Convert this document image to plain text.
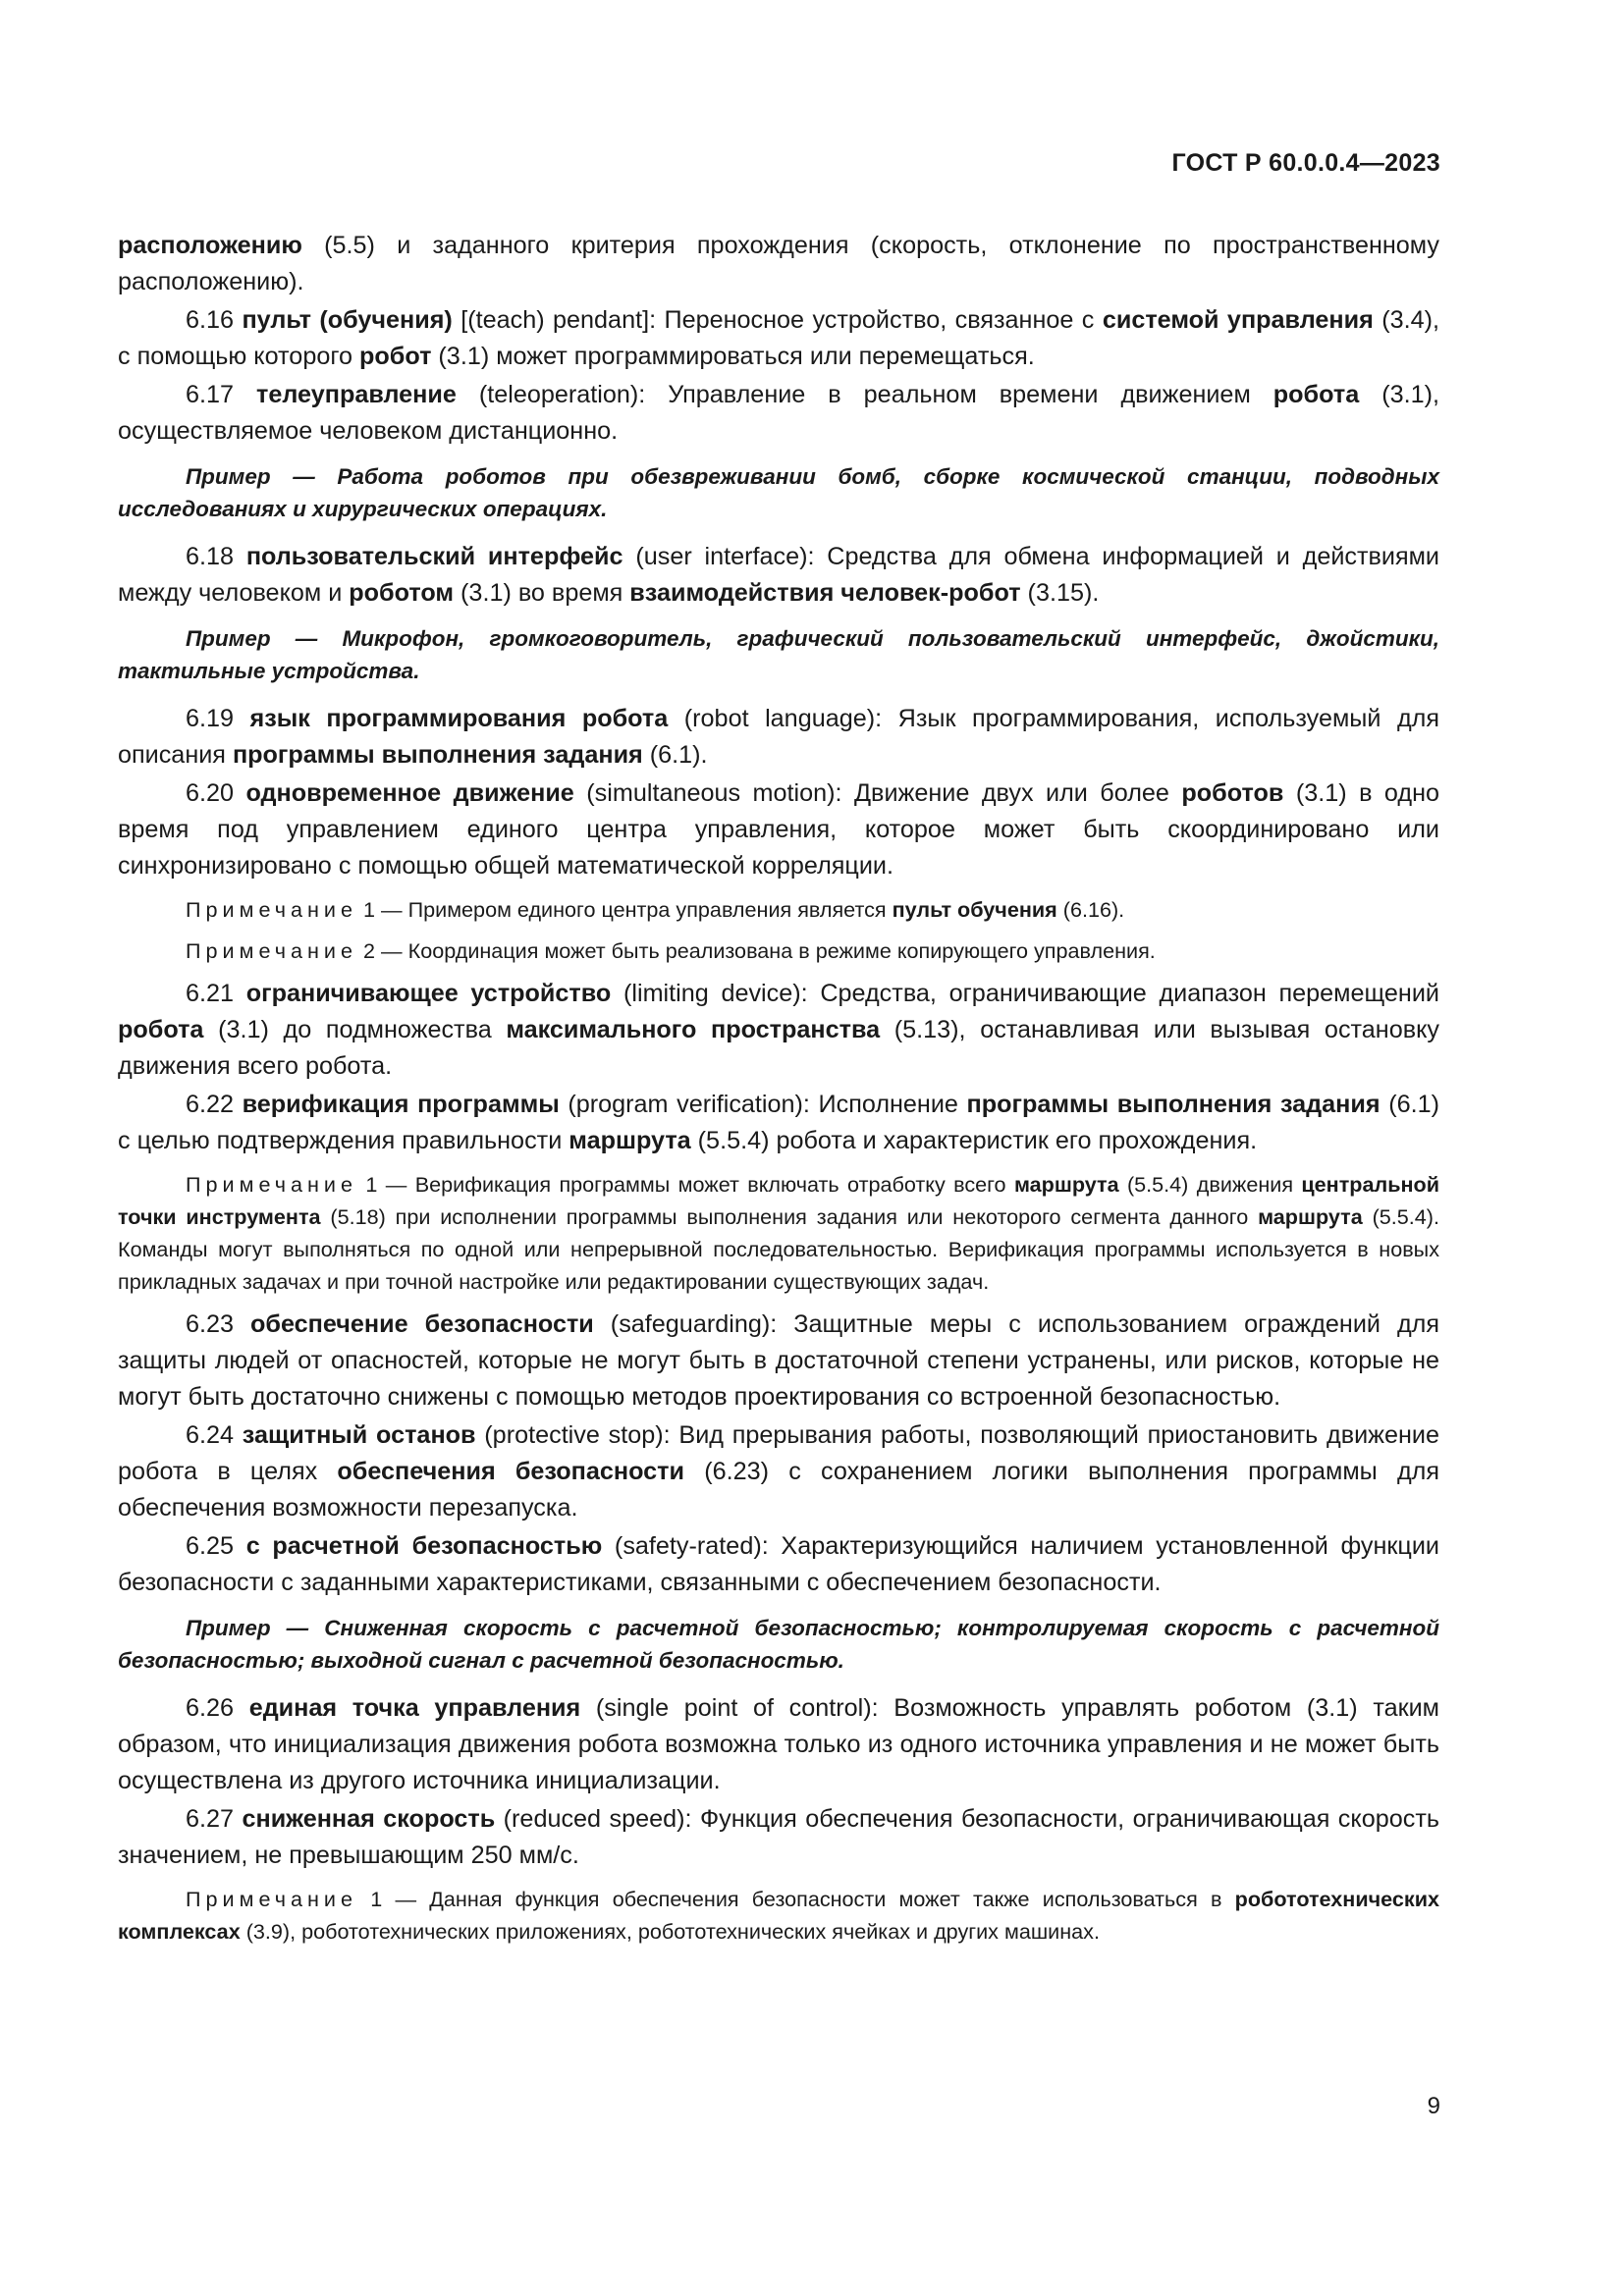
ГОСТ Р 60.0.0.4—2023

расположению (5.5) и заданного критерия прохождения (скорость, отклонение по пространственному расположению).

6.16 пульт (обучения) [(teach) pendant]: Переносное устройство, связанное с системой управления (3.4), с помощью которого робот (3.1) может программироваться или перемещаться.

6.17 телеуправление (teleoperation): Управление в реальном времени движением робота (3.1), осуществляемое человеком дистанционно.

Пример — Работа роботов при обезвреживании бомб, сборке космической станции, подводных исследованиях и хирургических операциях.

6.18 пользовательский интерфейс (user interface): Средства для обмена информацией и действиями между человеком и роботом (3.1) во время взаимодействия человек-робот (3.15).

Пример — Микрофон, громкоговоритель, графический пользовательский интерфейс, джойстики, тактильные устройства.

6.19 язык программирования робота (robot language): Язык программирования, используемый для описания программы выполнения задания (6.1).

6.20 одновременное движение (simultaneous motion): Движение двух или более роботов (3.1) в одно время под управлением единого центра управления, которое может быть скоординировано или синхронизировано с помощью общей математической корреляции.

Примечание 1 — Примером единого центра управления является пульт обучения (6.16).

Примечание 2 — Координация может быть реализована в режиме копирующего управления.

6.21 ограничивающее устройство (limiting device): Средства, ограничивающие диапазон перемещений робота (3.1) до подмножества максимального пространства (5.13), останавливая или вызывая остановку движения всего робота.

6.22 верификация программы (program verification): Исполнение программы выполнения задания (6.1) с целью подтверждения правильности маршрута (5.5.4) робота и характеристик его прохождения.

Примечание 1 — Верификация программы может включать отработку всего маршрута (5.5.4) движения центральной точки инструмента (5.18) при исполнении программы выполнения задания или некоторого сегмента данного маршрута (5.5.4). Команды могут выполняться по одной или непрерывной последовательностью. Верификация программы используется в новых прикладных задачах и при точной настройке или редактировании существующих задач.

6.23 обеспечение безопасности (safeguarding): Защитные меры с использованием ограждений для защиты людей от опасностей, которые не могут быть в достаточной степени устранены, или рисков, которые не могут быть достаточно снижены с помощью методов проектирования со встроенной безопасностью.

6.24 защитный останов (protective stop): Вид прерывания работы, позволяющий приостановить движение робота в целях обеспечения безопасности (6.23) с сохранением логики выполнения программы для обеспечения возможности перезапуска.

6.25 с расчетной безопасностью (safety-rated): Характеризующийся наличием установленной функции безопасности с заданными характеристиками, связанными с обеспечением безопасности.

Пример — Сниженная скорость с расчетной безопасностью; контролируемая скорость с расчетной безопасностью; выходной сигнал с расчетной безопасностью.

6.26 единая точка управления (single point of control): Возможность управлять роботом (3.1) таким образом, что инициализация движения робота возможна только из одного источника управления и не может быть осуществлена из другого источника инициализации.

6.27 сниженная скорость (reduced speed): Функция обеспечения безопасности, ограничивающая скорость значением, не превышающим 250 мм/с.

Примечание 1 — Данная функция обеспечения безопасности может также использоваться в робототехнических комплексах (3.9), робототехнических приложениях, робототехнических ячейках и других машинах.

9
